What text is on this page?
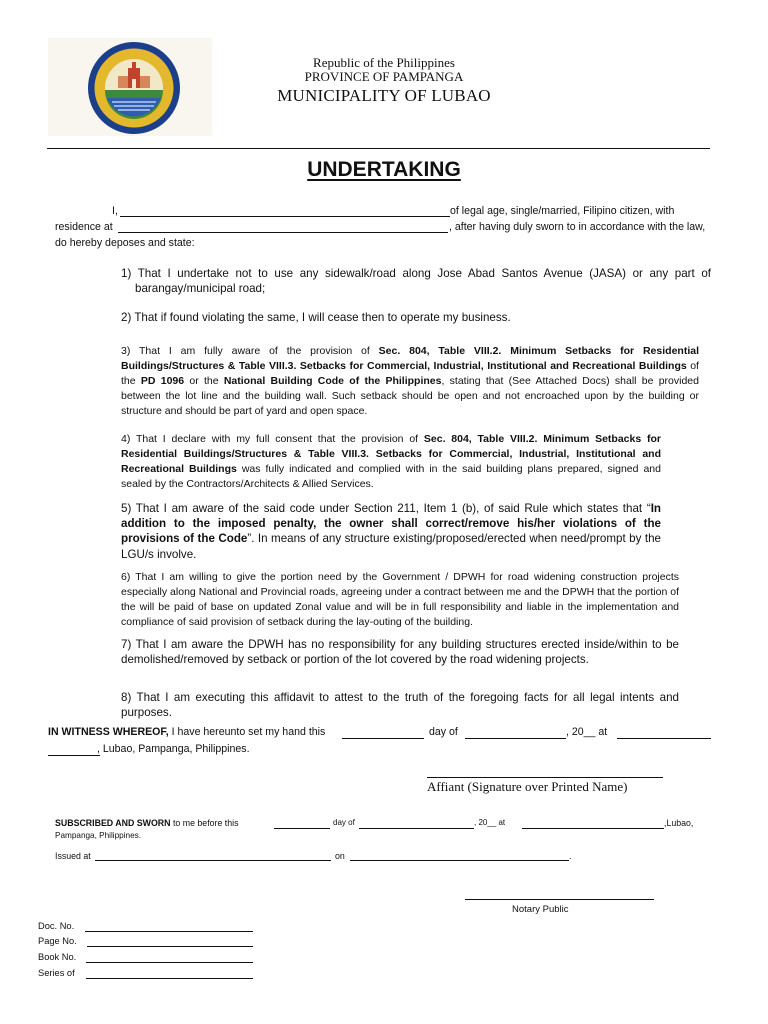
Republic of the Philippines
PROVINCE OF PAMPANGA
MUNICIPALITY OF LUBAO
UNDERTAKING
I,	of legal age, single/married, Filipino citizen, with
residence at	, after having duly sworn to in accordance with the law,
do hereby deposes and state:
1) That I undertake not to use any sidewalk/road along Jose Abad Santos Avenue (JASA) or any part of barangay/municipal road;
2) That if found violating the same, I will cease then to operate my business.
3) That I am fully aware of the provision of Sec. 804, Table VIII.2. Minimum Setbacks for Residential Buildings/Structures & Table VIII.3. Setbacks for Commercial, Industrial, Institutional and Recreational Buildings of the PD 1096 or the National Building Code of the Philippines, stating that (See Attached Docs) shall be provided between the lot line and the building wall. Such setback should be open and not encroached upon by the building or structure and should be part of yard and open space.
4) That I declare with my full consent that the provision of Sec. 804, Table VIII.2. Minimum Setbacks for Residential Buildings/Structures & Table VIII.3. Setbacks for Commercial, Industrial, Institutional and Recreational Buildings was fully indicated and complied with in the said building plans prepared, signed and sealed by the Contractors/Architects & Allied Services.
5) That I am aware of the said code under Section 211, Item 1 (b), of said Rule which states that “In addition to the imposed penalty, the owner shall correct/remove his/her violations of the provisions of the Code”. In means of any structure existing/proposed/erected when need/prompt by the LGU/s involve.
6) That I am willing to give the portion need by the Government / DPWH for road widening construction projects especially along National and Provincial roads, agreeing under a contract between me and the DPWH that the portion of the will be paid of base on updated Zonal value and will be in full responsibility and liable in the implementation and compliance of said provision of setback during the lay-outing of the building.
7) That I am aware the DPWH has no responsibility for any building structures erected inside/within to be demolished/removed by setback or portion of the lot covered by the road widening projects.
8) That I am executing this affidavit to attest to the truth of the foregoing facts for all legal intents and purposes.
IN WITNESS WHEREOF, I have hereunto set my hand this	day of	, 20__ at
, Lubao, Pampanga, Philippines.
Affiant (Signature over Printed Name)
SUBSCRIBED AND SWORN to me before this	day of	, 20__ at	,Lubao,
Pampanga, Philippines.
Issued at	on	.
Notary Public
Doc. No.
Page No.
Book No.
Series of
